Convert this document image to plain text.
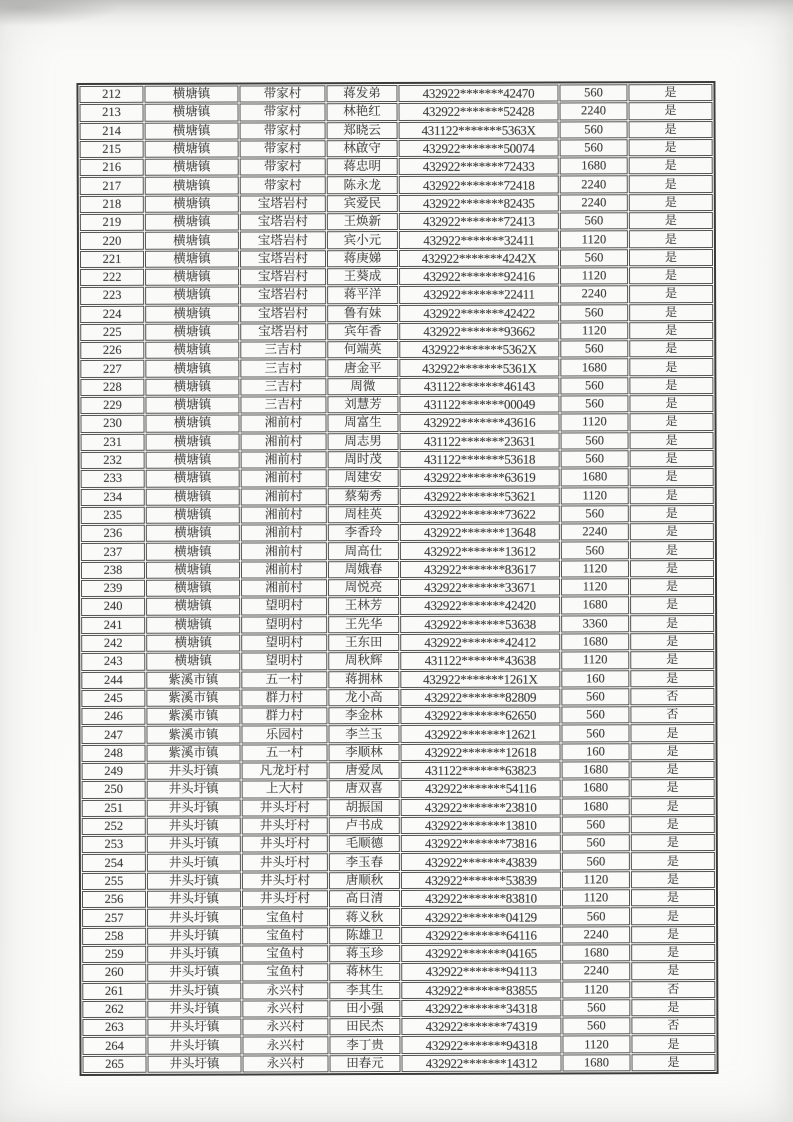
212	横塘镇	带家村	蒋发弟	432922*******42470	560	是
213	横塘镇	带家村	林艳红	432922*******52428	2240	是
214	横塘镇	带家村	郑晓云	431122*******5363X	560	是
215	横塘镇	带家村	林啟守	432922*******50074	560	是
216	横塘镇	带家村	蒋忠明	432922*******72433	1680	是
217	横塘镇	带家村	陈永龙	432922*******72418	2240	是
218	横塘镇	宝塔岩村	宾爱民	432922*******82435	2240	是
219	横塘镇	宝塔岩村	王焕新	432922*******72413	560	是
220	横塘镇	宝塔岩村	宾小元	432922*******32411	1120	是
221	横塘镇	宝塔岩村	蒋庚娣	432922*******4242X	560	是
222	横塘镇	宝塔岩村	王葵成	432922*******92416	1120	是
223	横塘镇	宝塔岩村	蒋平洋	432922*******22411	2240	是
224	横塘镇	宝塔岩村	鲁有妹	432922*******42422	560	是
225	横塘镇	宝塔岩村	宾年香	432922*******93662	1120	是
226	横塘镇	三吉村	何端英	432922*******5362X	560	是
227	横塘镇	三吉村	唐金平	432922*******5361X	1680	是
228	横塘镇	三吉村	周微	431122*******46143	560	是
229	横塘镇	三吉村	刘慧芳	431122*******00049	560	是
230	横塘镇	湘前村	周富生	432922*******43616	1120	是
231	横塘镇	湘前村	周志男	431122*******23631	560	是
232	横塘镇	湘前村	周时茂	431122*******53618	560	是
233	横塘镇	湘前村	周建安	432922*******63619	1680	是
234	横塘镇	湘前村	蔡菊秀	432922*******53621	1120	是
235	横塘镇	湘前村	周桂英	432922*******73622	560	是
236	横塘镇	湘前村	李香玲	432922*******13648	2240	是
237	横塘镇	湘前村	周高仕	432922*******13612	560	是
238	横塘镇	湘前村	周娥春	432922*******83617	1120	是
239	横塘镇	湘前村	周悦亮	432922*******33671	1120	是
240	横塘镇	望明村	王林芳	432922*******42420	1680	是
241	横塘镇	望明村	王先华	432922*******53638	3360	是
242	横塘镇	望明村	王东田	432922*******42412	1680	是
243	横塘镇	望明村	周秋辉	431122*******43638	1120	是
244	紫溪市镇	五一村	蒋拥林	432922*******1261X	160	是
245	紫溪市镇	群力村	龙小高	432922*******82809	560	否
246	紫溪市镇	群力村	李金林	432922*******62650	560	否
247	紫溪市镇	乐园村	李兰玉	432922*******12621	560	是
248	紫溪市镇	五一村	李顺林	432922*******12618	160	是
249	井头圩镇	凡龙圩村	唐爱凤	431122*******63823	1680	是
250	井头圩镇	上大村	唐双喜	432922*******54116	1680	是
251	井头圩镇	井头圩村	胡振国	432922*******23810	1680	是
252	井头圩镇	井头圩村	卢书成	432922*******13810	560	是
253	井头圩镇	井头圩村	毛顺德	432922*******73816	560	是
254	井头圩镇	井头圩村	李玉春	432922*******43839	560	是
255	井头圩镇	井头圩村	唐顺秋	432922*******53839	1120	是
256	井头圩镇	井头圩村	高日清	432922*******83810	1120	是
257	井头圩镇	宝鱼村	蒋义秋	432922*******04129	560	是
258	井头圩镇	宝鱼村	陈雄卫	432922*******64116	2240	是
259	井头圩镇	宝鱼村	蒋玉珍	432922*******04165	1680	是
260	井头圩镇	宝鱼村	蒋林生	432922*******94113	2240	是
261	井头圩镇	永兴村	李其生	432922*******83855	1120	否
262	井头圩镇	永兴村	田小强	432922*******34318	560	是
263	井头圩镇	永兴村	田民杰	432922*******74319	560	否
264	井头圩镇	永兴村	李丁贵	432922*******94318	1120	是
265	井头圩镇	永兴村	田春元	432922*******14312	1680	是
